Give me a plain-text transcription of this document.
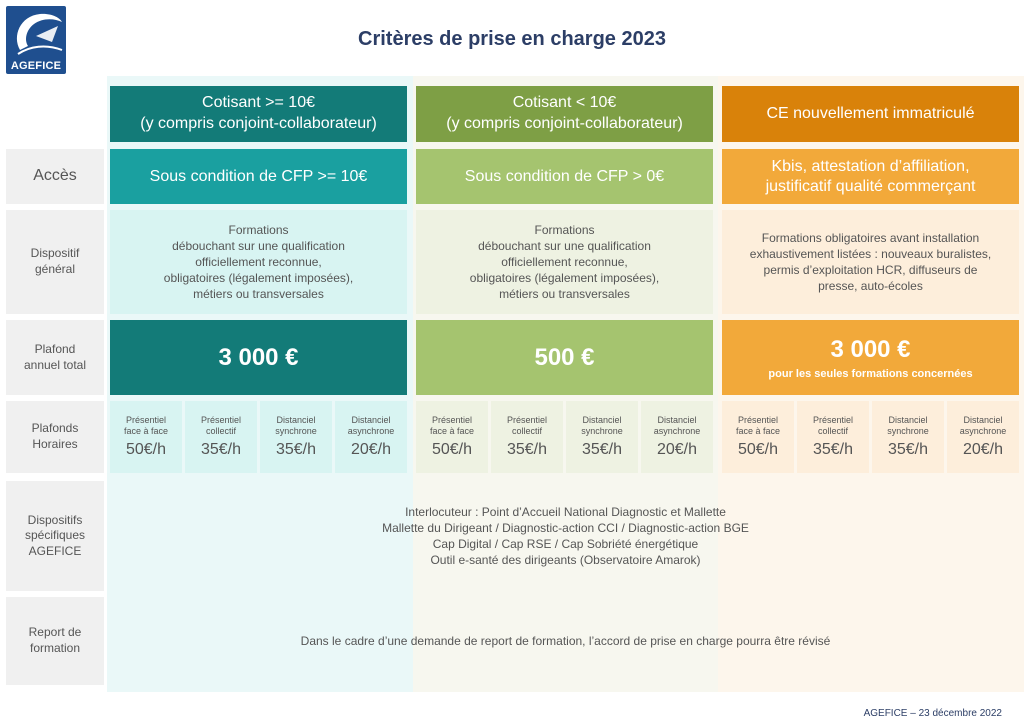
AGEFICE
Critères de prise en charge 2023
Accès
Dispositif général
Plafond annuel total
Plafonds Horaires
Dispositifs spécifiques AGEFICE
Report de formation
Cotisant >= 10€
(y compris conjoint-collaborateur)
Sous condition de CFP >= 10€
Formations
débouchant sur une qualification
officiellement reconnue,
obligatoires (légalement imposées),
métiers ou transversales
3 000 €
Présentiel
face à face
50€/h
Présentiel
collectif
35€/h
Distanciel
synchrone
35€/h
Distanciel
asynchrone
20€/h
Cotisant < 10€
(y compris conjoint-collaborateur)
Sous condition de CFP > 0€
Formations
débouchant sur une qualification
officiellement reconnue,
obligatoires (légalement imposées),
métiers ou transversales
500 €
Présentiel
face à face
50€/h
Présentiel
collectif
35€/h
Distanciel
synchrone
35€/h
Distanciel
asynchrone
20€/h
CE nouvellement immatriculé
Kbis, attestation d’affiliation,
justificatif qualité commerçant
Formations obligatoires avant installation
exhaustivement listées : nouveaux buralistes,
permis d’exploitation HCR, diffuseurs de
presse, auto-écoles
3 000 €
pour les seules formations concernées
Présentiel
face à face
50€/h
Présentiel
collectif
35€/h
Distanciel
synchrone
35€/h
Distanciel
asynchrone
20€/h
Interlocuteur : Point d’Accueil National Diagnostic et Mallette
Mallette du Dirigeant / Diagnostic-action CCI / Diagnostic-action BGE
Cap Digital / Cap RSE / Cap Sobriété énergétique
Outil e-santé des dirigeants (Observatoire Amarok)
Dans le cadre d’une demande de report de formation, l’accord de prise en charge pourra être révisé
AGEFICE – 23 décembre 2022
